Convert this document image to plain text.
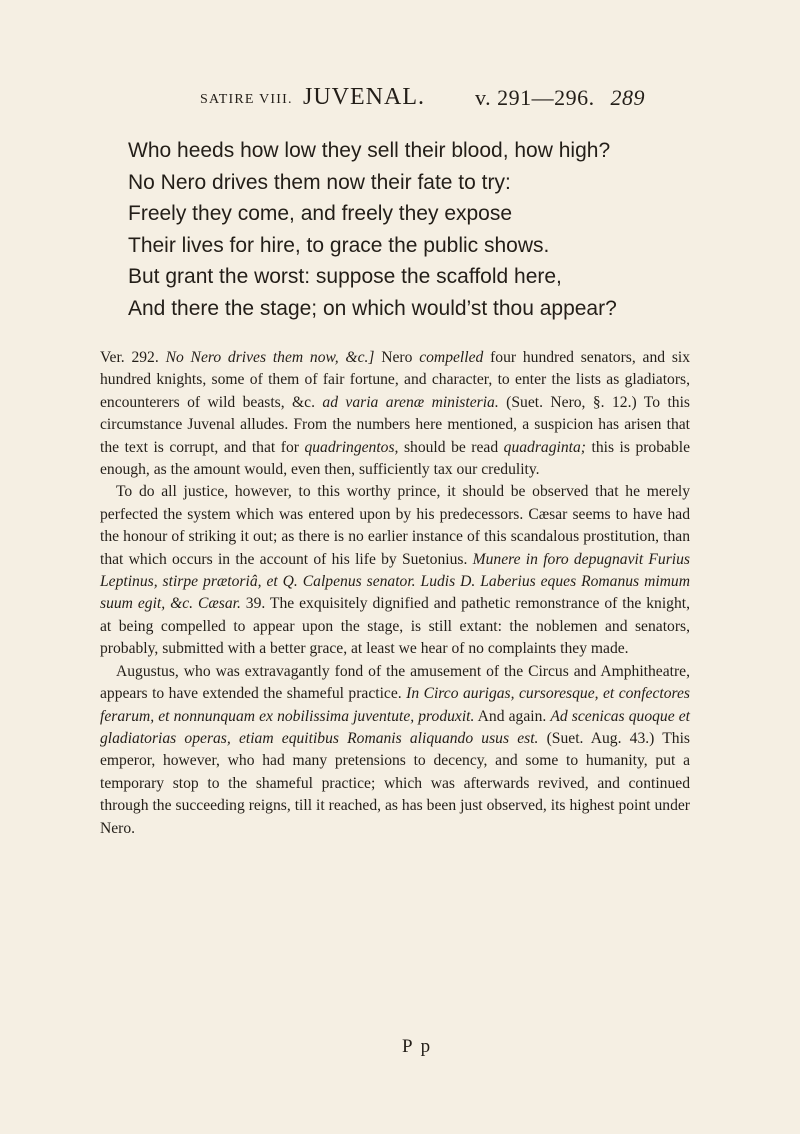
SATIRE VIII. JUVENAL. v. 291—296. 289
Who heeds how low they sell their blood, how high?
No Nero drives them now their fate to try:
Freely they come, and freely they expose
Their lives for hire, to grace the public shows.
But grant the worst: suppose the scaffold here,
And there the stage; on which would’st thou appear?

Ver. 292. No Nero drives them now, &c.] Nero compelled four hundred senators, and six hundred knights, some of them of fair fortune, and character, to enter the lists as gladiators, encounterers of wild beasts, &c. ad varia arenæ ministeria. (Suet. Nero, §. 12.) To this circumstance Juvenal alludes. From the numbers here mentioned, a suspicion has arisen that the text is corrupt, and that for quadringentos, should be read quadraginta; this is probable enough, as the amount would, even then, sufficiently tax our credulity.

To do all justice, however, to this worthy prince, it should be observed that he merely perfected the system which was entered upon by his predecessors. Cæsar seems to have had the honour of striking it out; as there is no earlier instance of this scandalous prostitution, than that which occurs in the account of his life by Suetonius. Munere in foro depugnavit Furius Leptinus, stirpe prætoriâ, et Q. Calpenus senator. Ludis D. Laberius eques Romanus mimum suum egit, &c. Cæsar. 39. The exquisitely dignified and pathetic remonstrance of the knight, at being compelled to appear upon the stage, is still extant: the noblemen and senators, probably, submitted with a better grace, at least we hear of no complaints they made.

Augustus, who was extravagantly fond of the amusement of the Circus and Amphitheatre, appears to have extended the shameful practice. In Circo aurigas, cursoresque, et confectores ferarum, et nonnunquam ex nobilissima juventute, produxit. And again. Ad scenicas quoque et gladiatorias operas, etiam equitibus Romanis aliquando usus est. (Suet. Aug. 43.) This emperor, however, who had many pretensions to decency, and some to humanity, put a temporary stop to the shameful practice; which was afterwards revived, and continued through the succeeding reigns, till it reached, as has been just observed, its highest point under Nero.

P p
